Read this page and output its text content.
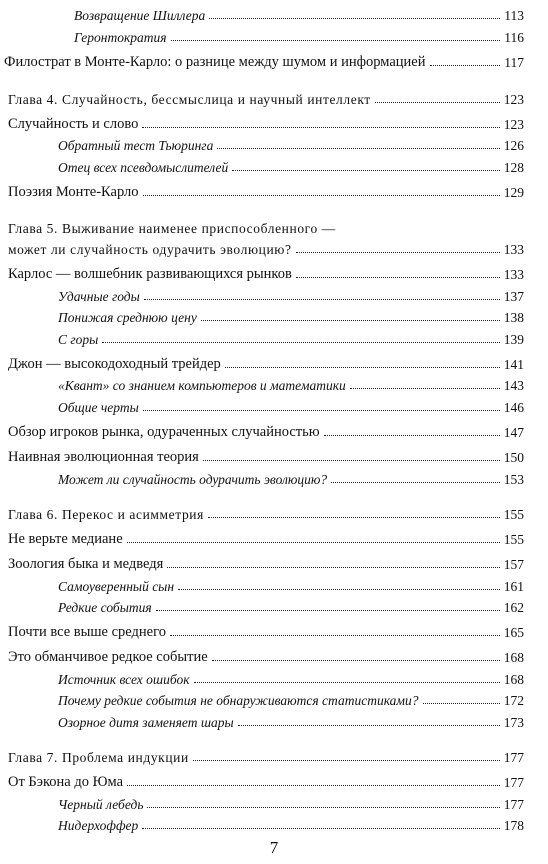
Возвращение Шиллера	113
Геронтократия	116
Филострат в Монте-Карло: о разнице между шумом и информацией	117
Глава 4. Случайность, бессмыслица и научный интеллект	123
Случайность и слово	123
Обратный тест Тьюринга	126
Отец всех псевдомыслителей	128
Поэзия Монте-Карло	129
Глава 5. Выживание наименее приспособленного —
может ли случайность одурачить эволюцию?	133
Карлос — волшебник развивающихся рынков	133
Удачные годы	137
Понижая среднюю цену	138
С горы	139
Джон — высокодоходный трейдер	141
«Квант» со знанием компьютеров и математики	143
Общие черты	146
Обзор игроков рынка, одураченных случайностью	147
Наивная эволюционная теория	150
Может ли случайность одурачить эволюцию?	153
Глава 6. Перекос и асимметрия	155
Не верьте медиане	155
Зоология быка и медведя	157
Самоуверенный сын	161
Редкие события	162
Почти все выше среднего	165
Это обманчивое редкое событие	168
Источник всех ошибок	168
Почему редкие события не обнаруживаются статистиками?	172
Озорное дитя заменяет шары	173
Глава 7. Проблема индукции	177
От Бэкона до Юма	177
Черный лебедь	177
Нидерхоффер	178
7
